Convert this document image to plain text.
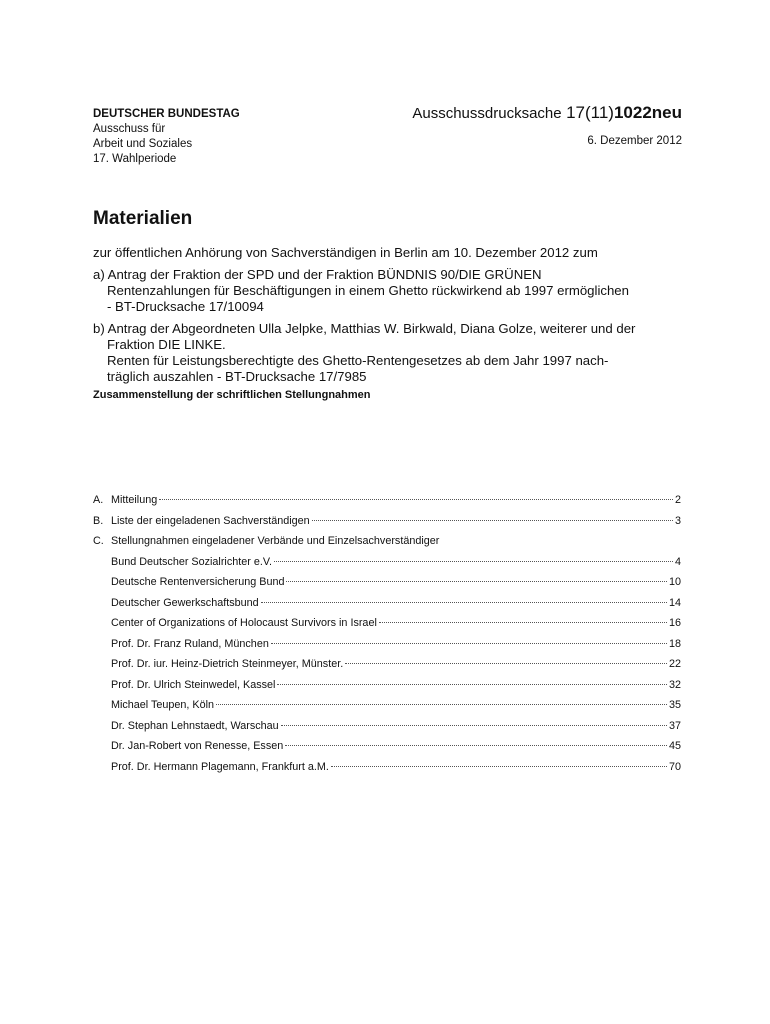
DEUTSCHER BUNDESTAG
Ausschuss für
Arbeit und Soziales
17. Wahlperiode
Ausschussdrucksache 17(11)1022neu
6. Dezember 2012
Materialien

zur öffentlichen Anhörung von Sachverständigen in Berlin am 10. Dezember 2012 zum

a) Antrag der Fraktion der SPD und der Fraktion BÜNDNIS 90/DIE GRÜNEN
Rentenzahlungen für Beschäftigungen in einem Ghetto rückwirkend ab 1997 ermöglichen
- BT-Drucksache 17/10094
b) Antrag der Abgeordneten Ulla Jelpke, Matthias W. Birkwald, Diana Golze, weiterer und der
Fraktion DIE LINKE.
Renten für Leistungsberechtigte des Ghetto-Rentengesetzes ab dem Jahr 1997 nach-
träglich auszahlen - BT-Drucksache 17/7985
Zusammenstellung der schriftlichen Stellungnahmen
A. Mitteilung	2
B. Liste der eingeladenen Sachverständigen	3
C. Stellungnahmen eingeladener Verbände und Einzelsachverständiger
Bund Deutscher Sozialrichter e.V.	4
Deutsche Rentenversicherung Bund	10
Deutscher Gewerkschaftsbund	14
Center of Organizations of Holocaust Survivors in Israel	16
Prof. Dr. Franz Ruland, München	18
Prof. Dr. iur. Heinz-Dietrich Steinmeyer, Münster.	22
Prof. Dr. Ulrich Steinwedel, Kassel	32
Michael Teupen, Köln	35
Dr. Stephan Lehnstaedt, Warschau	37
Dr. Jan-Robert von Renesse, Essen	45
Prof. Dr. Hermann Plagemann, Frankfurt a.M.	70
